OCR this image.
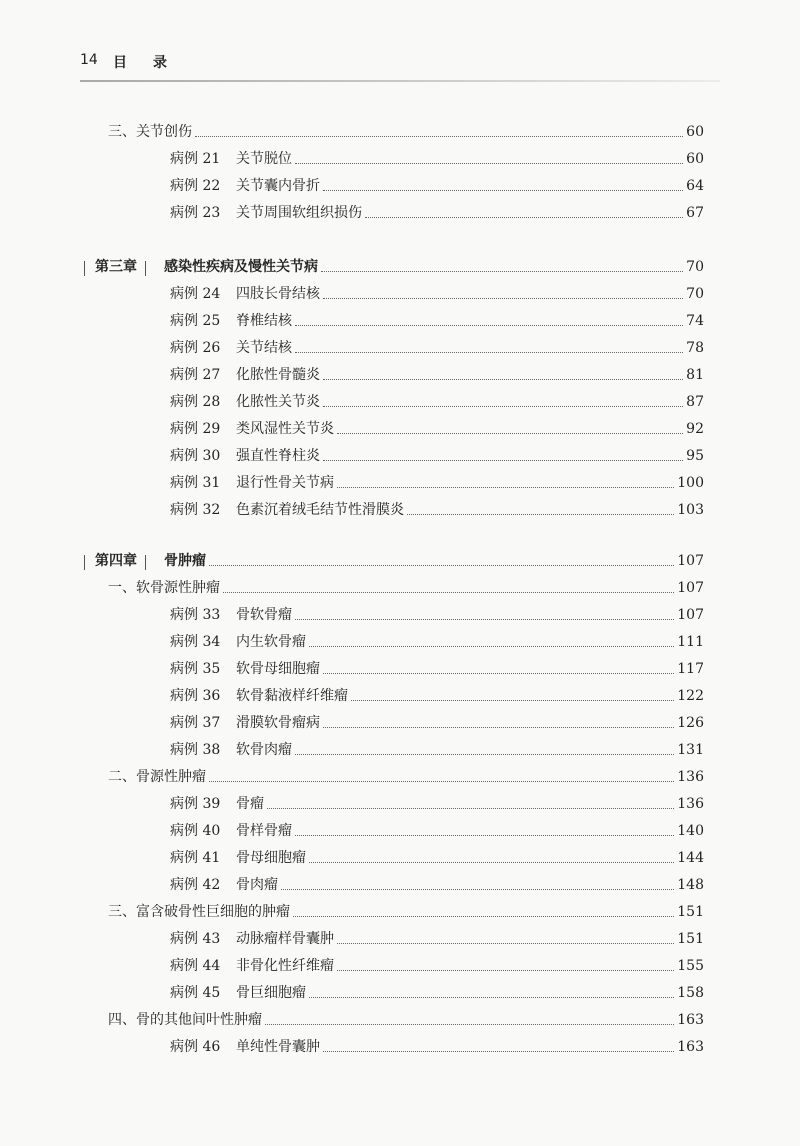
14 目 录
三、关节创伤	60
病例 21	关节脱位	60
病例 22	关节囊内骨折	64
病例 23	关节周围软组织损伤	67
第三章 感染性疾病及慢性关节病	70
病例 24	四肢长骨结核	70
病例 25	脊椎结核	74
病例 26	关节结核	78
病例 27	化脓性骨髓炎	81
病例 28	化脓性关节炎	87
病例 29	类风湿性关节炎	92
病例 30	强直性脊柱炎	95
病例 31	退行性骨关节病	100
病例 32	色素沉着绒毛结节性滑膜炎	103
第四章 骨肿瘤	107
一、软骨源性肿瘤	107
病例 33	骨软骨瘤	107
病例 34	内生软骨瘤	111
病例 35	软骨母细胞瘤	117
病例 36	软骨黏液样纤维瘤	122
病例 37	滑膜软骨瘤病	126
病例 38	软骨肉瘤	131
二、骨源性肿瘤	136
病例 39	骨瘤	136
病例 40	骨样骨瘤	140
病例 41	骨母细胞瘤	144
病例 42	骨肉瘤	148
三、富含破骨性巨细胞的肿瘤	151
病例 43	动脉瘤样骨囊肿	151
病例 44	非骨化性纤维瘤	155
病例 45	骨巨细胞瘤	158
四、骨的其他间叶性肿瘤	163
病例 46	单纯性骨囊肿	163
